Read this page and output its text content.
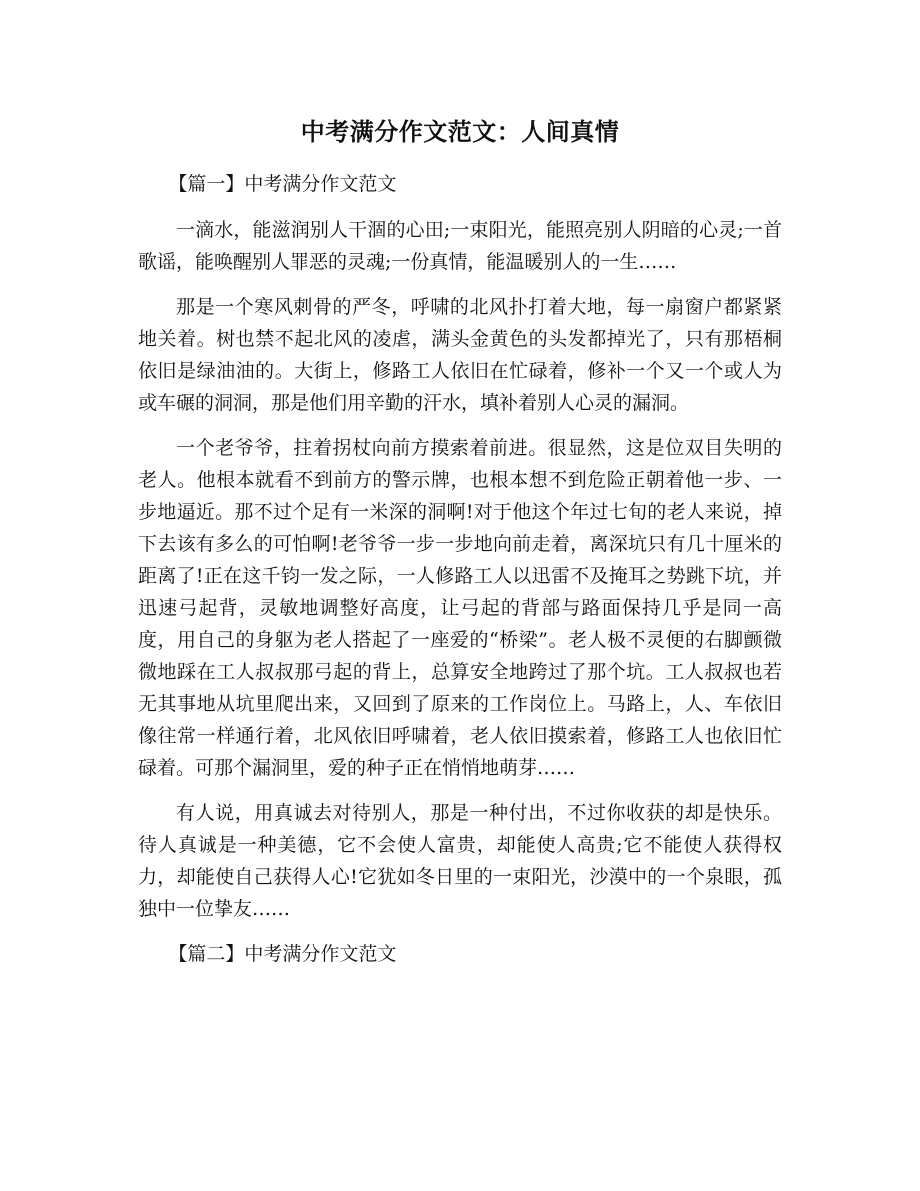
中考满分作文范文：人间真情

【篇一】中考满分作文范文

一滴水，能滋润别人干涸的心田;一束阳光，能照亮别人阴暗的心灵;一首歌谣，能唤醒别人罪恶的灵魂;一份真情，能温暖别人的一生……

那是一个寒风刺骨的严冬，呼啸的北风扑打着大地，每一扇窗户都紧紧地关着。树也禁不起北风的凌虐，满头金黄色的头发都掉光了，只有那梧桐依旧是绿油油的。大街上，修路工人依旧在忙碌着，修补一个又一个或人为或车碾的洞洞，那是他们用辛勤的汗水，填补着别人心灵的漏洞。

一个老爷爷，拄着拐杖向前方摸索着前进。很显然，这是位双目失明的老人。他根本就看不到前方的警示牌，也根本想不到危险正朝着他一步、一步地逼近。那不过个足有一米深的洞啊!对于他这个年过七旬的老人来说，掉下去该有多么的可怕啊!老爷爷一步一步地向前走着，离深坑只有几十厘米的距离了!正在这千钧一发之际，一人修路工人以迅雷不及掩耳之势跳下坑，并迅速弓起背，灵敏地调整好高度，让弓起的背部与路面保持几乎是同一高度，用自己的身躯为老人搭起了一座爱的“桥梁”。老人极不灵便的右脚颤微微地踩在工人叔叔那弓起的背上，总算安全地跨过了那个坑。工人叔叔也若无其事地从坑里爬出来，又回到了原来的工作岗位上。马路上，人、车依旧像往常一样通行着，北风依旧呼啸着，老人依旧摸索着，修路工人也依旧忙碌着。可那个漏洞里，爱的种子正在悄悄地萌芽……

有人说，用真诚去对待别人，那是一种付出，不过你收获的却是快乐。待人真诚是一种美德，它不会使人富贵，却能使人高贵;它不能使人获得权力，却能使自己获得人心!它犹如冬日里的一束阳光，沙漠中的一个泉眼，孤独中一位挚友……

【篇二】中考满分作文范文
